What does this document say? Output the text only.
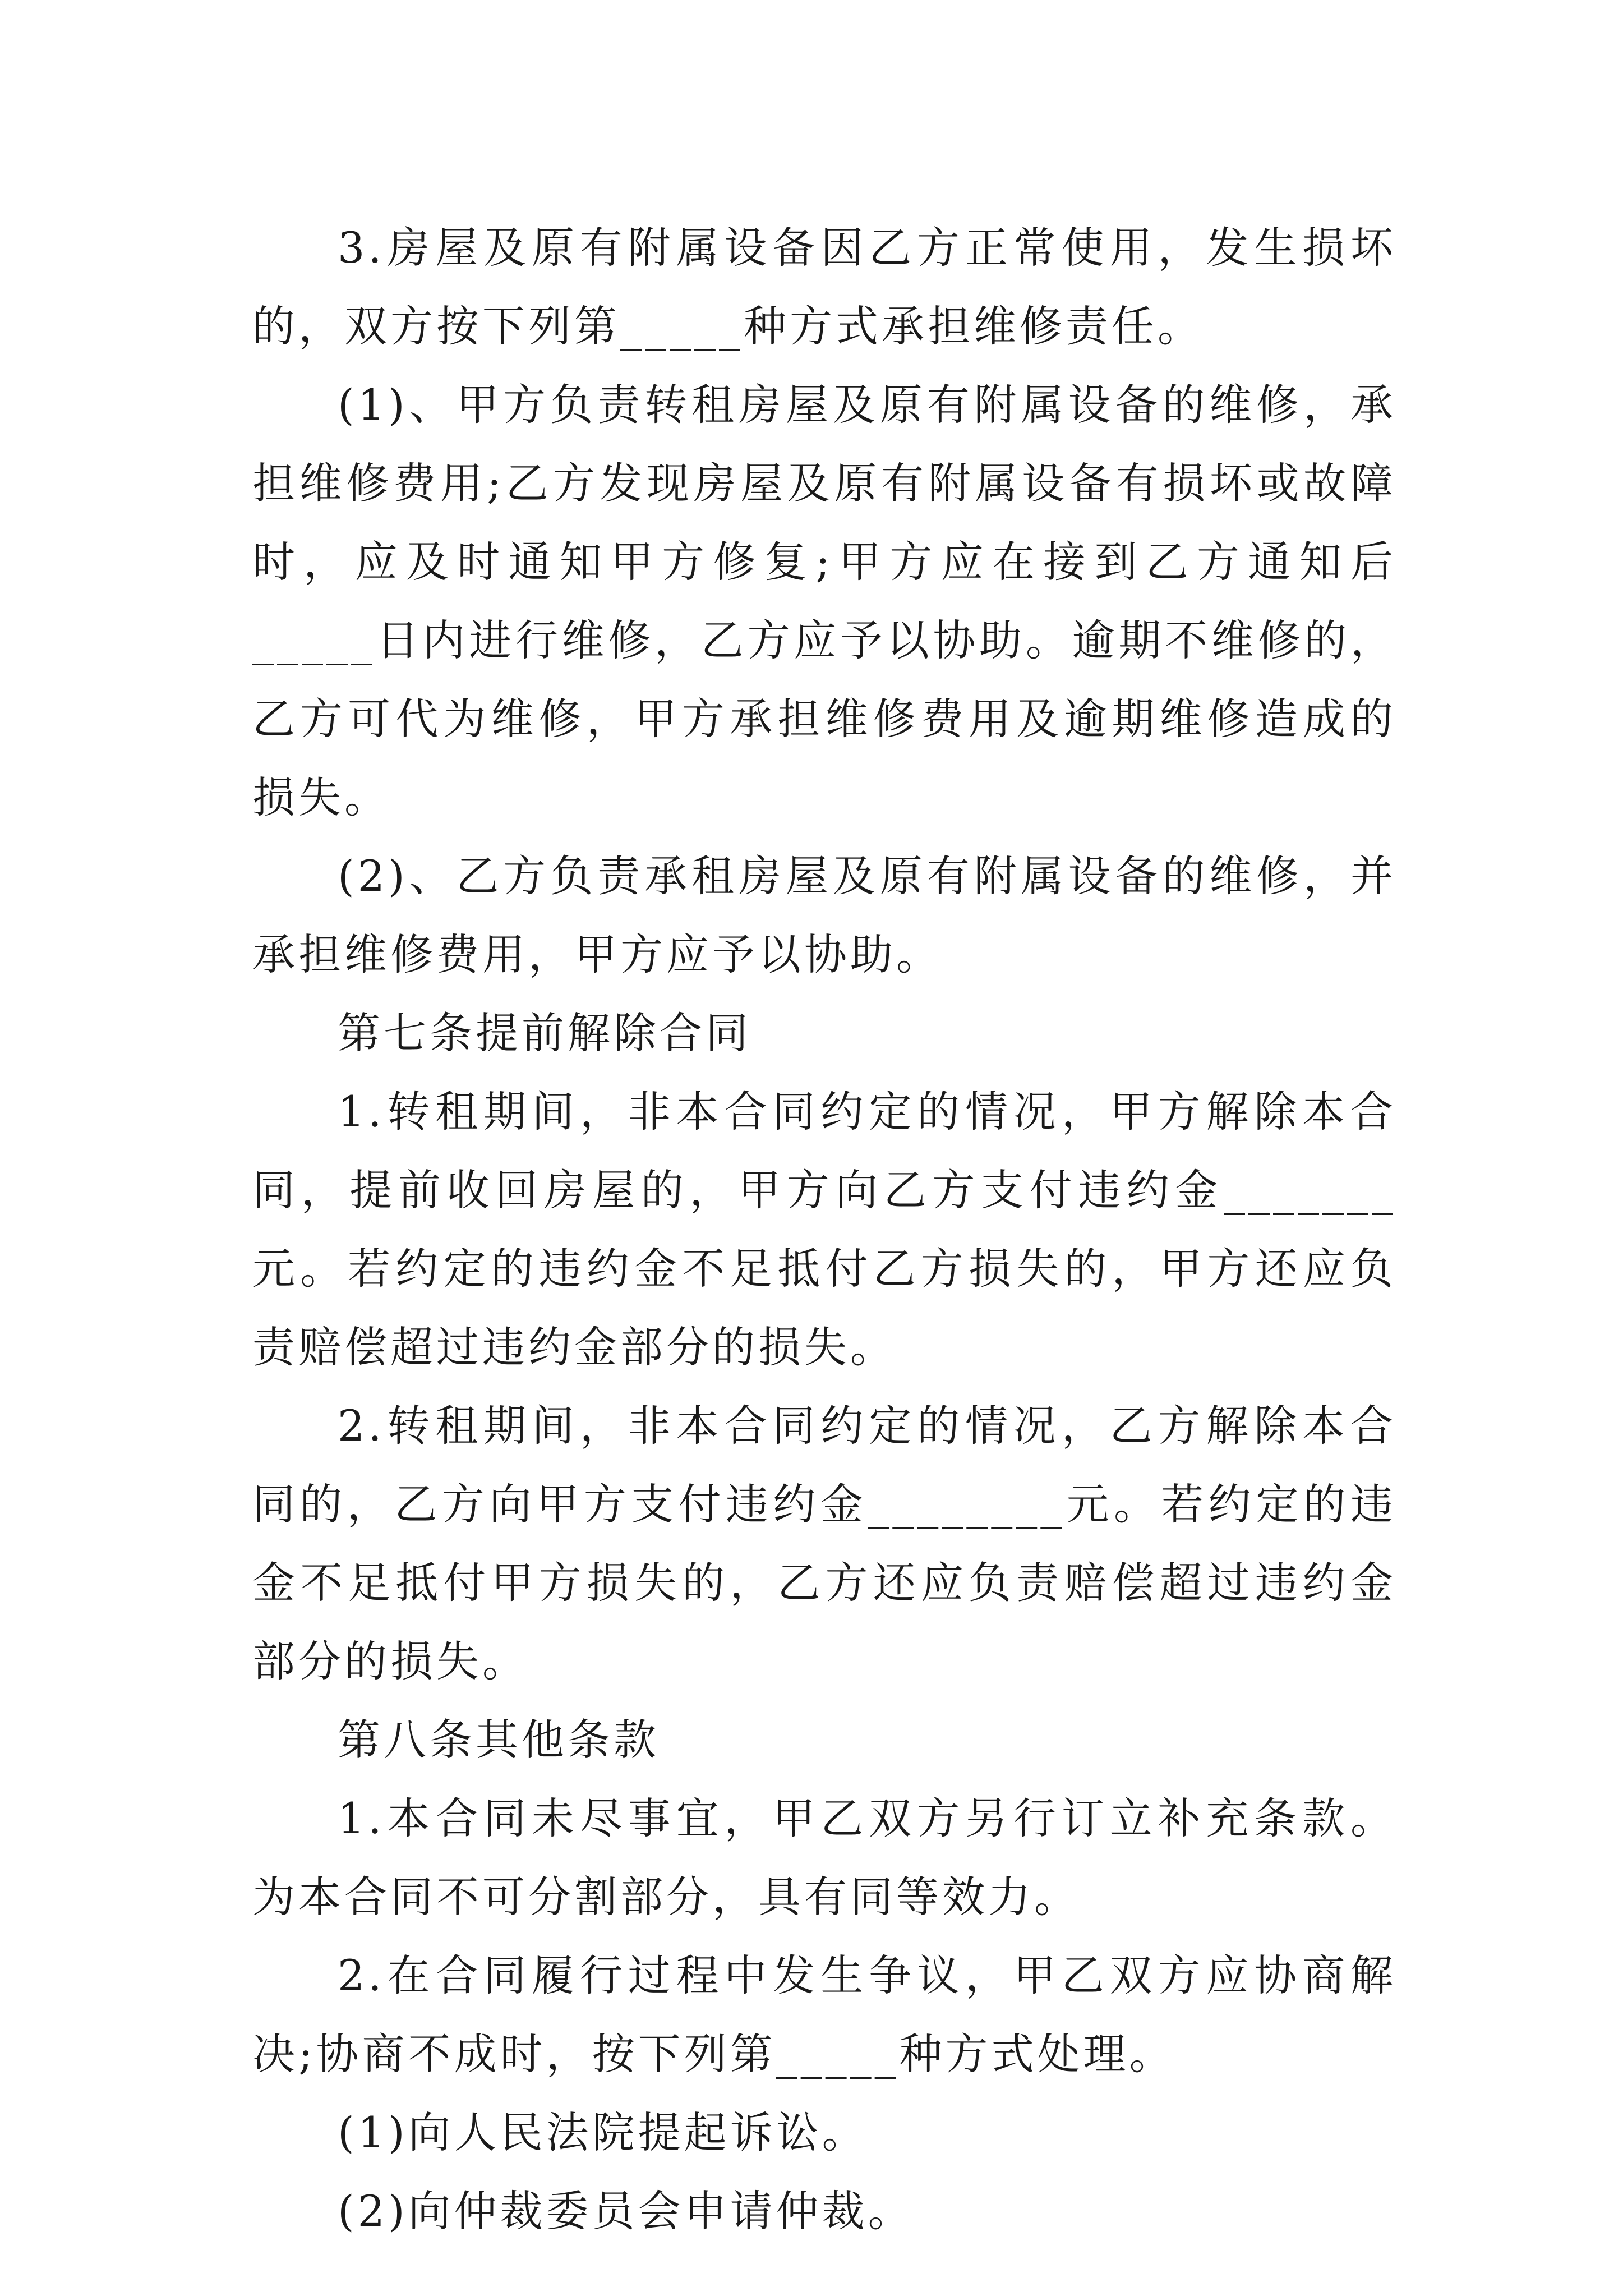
3.房屋及原有附属设备因乙方正常使用，发生损坏的，双方按下列第_____种方式承担维修责任。

(1)、甲方负责转租房屋及原有附属设备的维修，承担维修费用;乙方发现房屋及原有附属设备有损坏或故障时，应及时通知甲方修复;甲方应在接到乙方通知后_____日内进行维修，乙方应予以协助。逾期不维修的，乙方可代为维修，甲方承担维修费用及逾期维修造成的损失。

(2)、乙方负责承租房屋及原有附属设备的维修，并承担维修费用，甲方应予以协助。

第七条提前解除合同

1.转租期间，非本合同约定的情况，甲方解除本合同，提前收回房屋的，甲方向乙方支付违约金_______元。若约定的违约金不足抵付乙方损失的，甲方还应负责赔偿超过违约金部分的损失。

2.转租期间，非本合同约定的情况，乙方解除本合同的，乙方向甲方支付违约金________元。若约定的违金不足抵付甲方损失的，乙方还应负责赔偿超过违约金部分的损失。

第八条其他条款

1.本合同未尽事宜，甲乙双方另行订立补充条款。为本合同不可分割部分，具有同等效力。

2.在合同履行过程中发生争议，甲乙双方应协商解决;协商不成时，按下列第_____种方式处理。

(1)向人民法院提起诉讼。

(2)向仲裁委员会申请仲裁。
